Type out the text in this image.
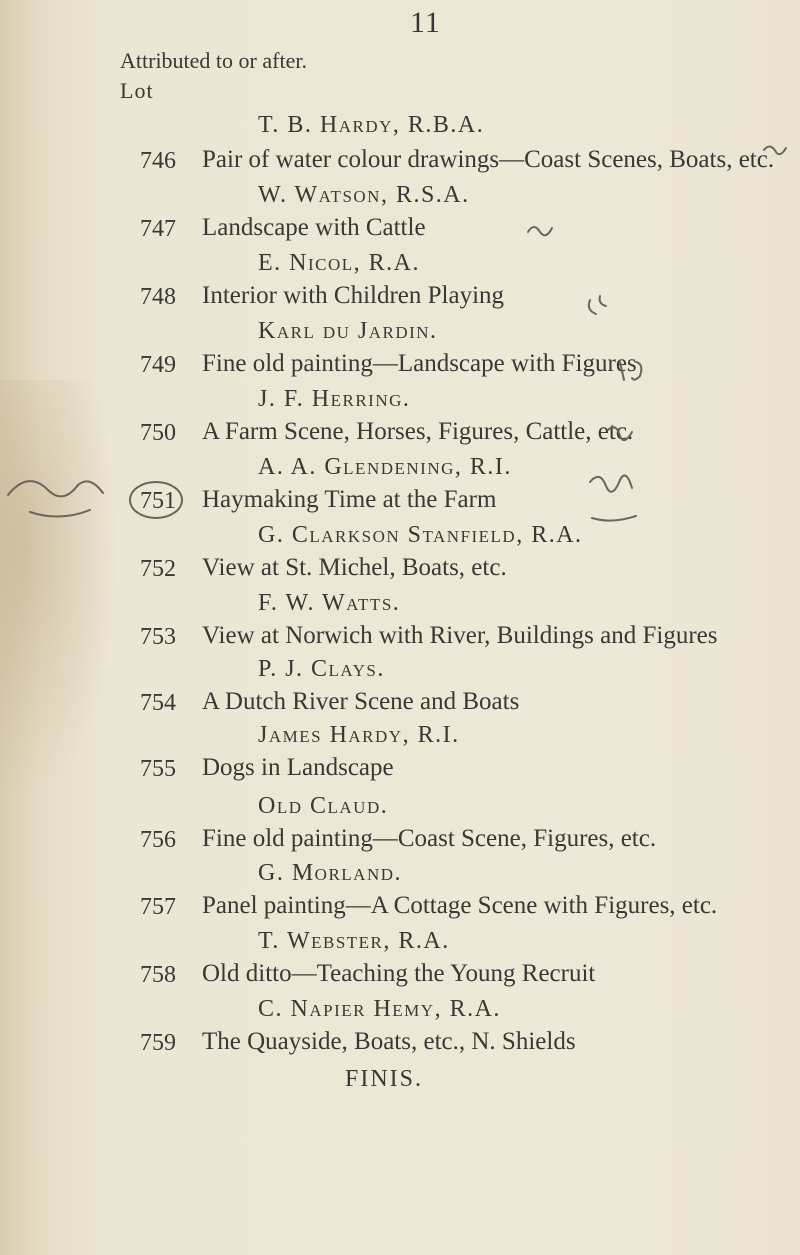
11
Attributed to or after.
Lot
T. B. Hardy, R.B.A.
746	Pair of water colour drawings—Coast Scenes, Boats, etc.
W. Watson, R.S.A.
747	Landscape with Cattle
E. Nicol, R.A.
748	Interior with Children Playing
Karl du Jardin.
749	Fine old painting—Landscape with Figures
J. F. Herring.
750	A Farm Scene, Horses, Figures, Cattle, etc.
A. A. Glendening, R.I.
751	Haymaking Time at the Farm
G. Clarkson Stanfield, R.A.
752	View at St. Michel, Boats, etc.
F. W. Watts.
753	View at Norwich with River, Buildings and Figures
P. J. Clays.
754	A Dutch River Scene and Boats
James Hardy, R.I.
755	Dogs in Landscape
Old Claud.
756	Fine old painting—Coast Scene, Figures, etc.
G. Morland.
757	Panel painting—A Cottage Scene with Figures, etc.
T. Webster, R.A.
758	Old ditto—Teaching the Young Recruit
C. Napier Hemy, R.A.
759	The Quayside, Boats, etc., N. Shields
FINIS.
